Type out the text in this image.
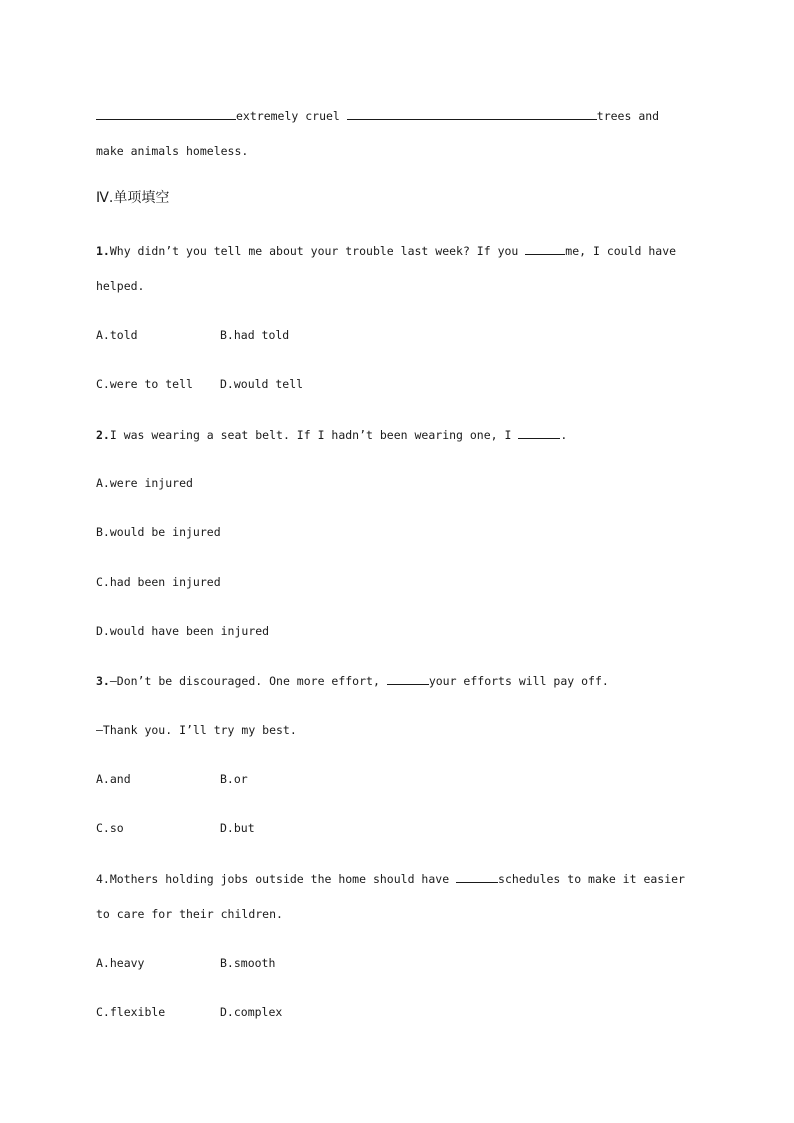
extremely cruel	trees and
make animals homeless.
Ⅳ.单项填空
1.Why didn’t you tell me about your trouble last week? If you	me, I could have
helped.
A.told	B.had told
C.were to tell D.would tell
2.I was wearing a seat belt. If I hadn’t been wearing one, I	.
A.were injured
B.would be injured
C.had been injured
D.would have been injured
3.—Don’t be discouraged. One more effort,	your efforts will pay off.
—Thank you. I’ll try my best.
A.and	B.or
C.so	D.but
4.Mothers holding jobs outside the home should have	schedules to make it easier
to care for their children.
A.heavy	B.smooth
C.flexible	D.complex
